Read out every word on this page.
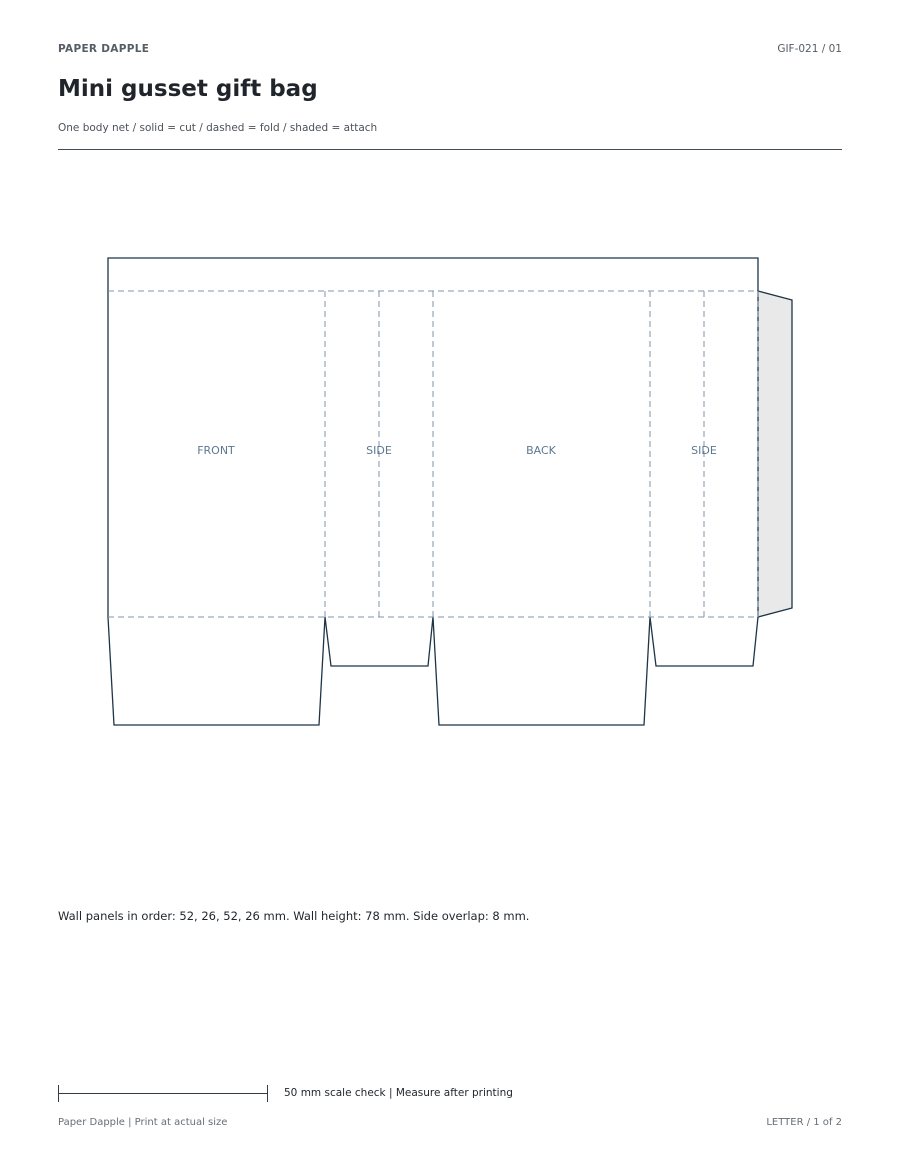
PAPER DAPPLE	GIF-021 / 01
Mini gusset gift bag
One body net / solid = cut / dashed = fold / shaded = attach
FRONT	SIDE	BACK	SIDE
Wall panels in order: 52, 26, 52, 26 mm. Wall height: 78 mm. Side overlap: 8 mm.
50 mm scale check | Measure after printing
Paper Dapple | Print at actual size	LETTER / 1 of 2
